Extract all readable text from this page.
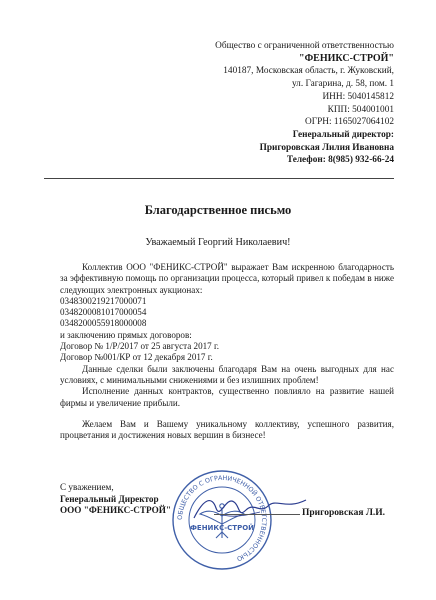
Общество с ограниченной ответственностью
"ФЕНИКС-СТРОЙ"
140187, Московская область, г. Жуковский,
ул. Гагарина, д. 58, пом. 1
ИНН: 5040145812
КПП: 504001001
ОГРН: 1165027064102
Генеральный директор:
Пригоровская Лилия Ивановна
Телефон: 8(985) 932-66-24
Благодарственное письмо
Уважаемый Георгий Николаевич!

Коллектив ООО "ФЕНИКС-СТРОЙ" выражает Вам искренною благодарность за эффективную помощь по организации процесса, который привел к победам в ниже следующих электронных аукционах:

0348300219217000071

0348200081017000054

0348200055918000008

и заключению прямых договоров:

Договор № 1/Р/2017 от 25 августа 2017 г.

Договор №001/КР от 12 декабря 2017 г.

Данные сделки были заключены благодаря Вам на очень выгодных для нас условиях, с минимальными снижениями и без излишних проблем!

Исполнение данных контрактов, существенно повлияло на развитие нашей фирмы и увеличение прибыли.

Желаем Вам и Вашему уникальному коллективу, успешного развития, процветания и достижения новых вершин в бизнесе!

ОБЩЕСТВО С ОГРАНИЧЕННОЙ ОТВЕТСТВЕННОСТЬЮ
ФЕНИКС-СТРОЙ
С уважением,
Генеральный Директор
ООО "ФЕНИКС-СТРОЙ"	Пригоровская Л.И.
